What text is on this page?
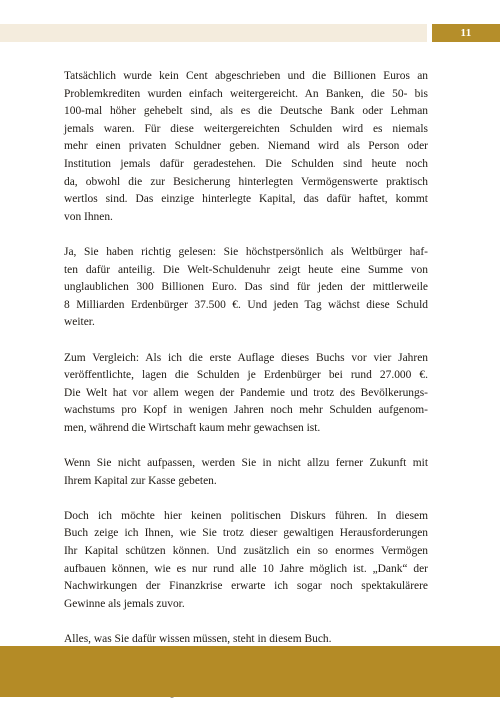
11

Tatsächlich wurde kein Cent abgeschrieben und die Billionen Euros an
Problemkrediten wurden einfach weitergereicht. An Banken, die 50- bis
100-mal höher gehebelt sind, als es die Deutsche Bank oder Lehman
jemals waren. Für diese weitergereichten Schulden wird es niemals
mehr einen privaten Schuldner geben. Niemand wird als Person oder
Institution jemals dafür geradestehen. Die Schulden sind heute noch
da, obwohl die zur Besicherung hinterlegten Vermögenswerte praktisch
wertlos sind. Das einzige hinterlegte Kapital, das dafür haftet, kommt
von Ihnen.

Ja, Sie haben richtig gelesen: Sie höchstpersönlich als Weltbürger haf-
ten dafür anteilig. Die Welt-Schuldenuhr zeigt heute eine Summe von
unglaublichen 300 Billionen Euro. Das sind für jeden der mittlerweile
8 Milliarden Erdenbürger 37.500 €. Und jeden Tag wächst diese Schuld
weiter.

Zum Vergleich: Als ich die erste Auflage dieses Buchs vor vier Jahren
veröffentlichte, lagen die Schulden je Erdenbürger bei rund 27.000 €.
Die Welt hat vor allem wegen der Pandemie und trotz des Bevölkerungs-
wachstums pro Kopf in wenigen Jahren noch mehr Schulden aufgenom-
men, während die Wirtschaft kaum mehr gewachsen ist.

Wenn Sie nicht aufpassen, werden Sie in nicht allzu ferner Zukunft mit
Ihrem Kapital zur Kasse gebeten.

Doch ich möchte hier keinen politischen Diskurs führen. In diesem
Buch zeige ich Ihnen, wie Sie trotz dieser gewaltigen Herausforderungen
Ihr Kapital schützen können. Und zusätzlich ein so enormes Vermögen
aufbauen können, wie es nur rund alle 10 Jahre möglich ist. „Dank“ der
Nachwirkungen der Finanzkrise erwarte ich sogar noch spektakulärere
Gewinne als jemals zuvor.

Alles, was Sie dafür wissen müssen, steht in diesem Buch.
